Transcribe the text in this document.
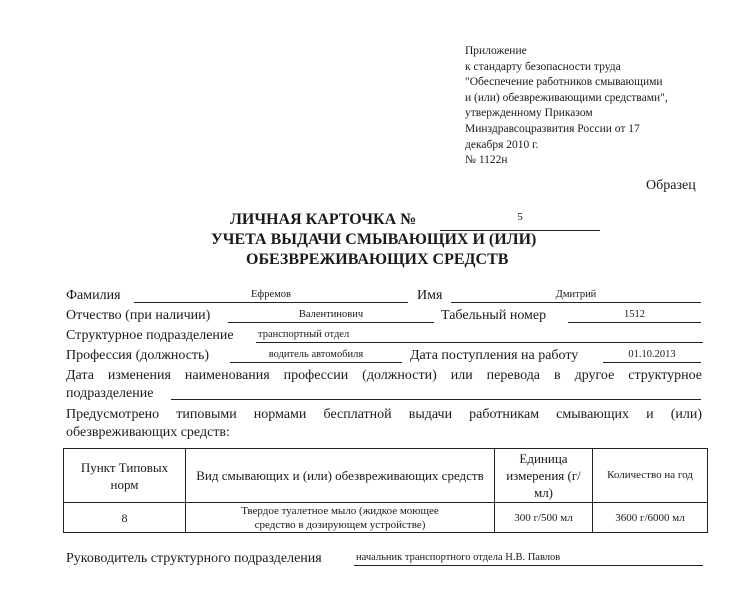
Приложение
к стандарту безопасности труда
"Обеспечение работников смывающими
и (или) обезвреживающими средствами",
утвержденному Приказом
Минздравсоцразвития России от 17
декабря 2010 г.
№ 1122н
Образец
ЛИЧНАЯ КАРТОЧКА №	5
УЧЕТА ВЫДАЧИ СМЫВАЮЩИХ И (ИЛИ)
ОБЕЗВРЕЖИВАЮЩИХ СРЕДСТВ
Фамилия	Ефремов	Имя	Дмитрий
Отчество (при наличии)	Валентинович	Табельный номер	1512
Структурное подразделение транспортный отдел
Профессия (должность)	водитель автомобиля	Дата поступления на работу	01.10.2013
Дата изменения наименования профессии (должности) или перевода в другое структурное
подразделение
Предусмотрено типовыми нормами бесплатной выдачи работникам смывающих и (или)
обезвреживающих средств:
Пункт Типовых норм	Вид смывающих и (или) обезвреживающих средств	Единица измерения (г/мл)	Количество на год
8	Твердое туалетное мыло (жидкое моющее средство в дозирующем устройстве)	300 г/500 мл	3600 г/6000 мл
Руководитель структурного подразделения	начальник транспортного отдела Н.В. Павлов
